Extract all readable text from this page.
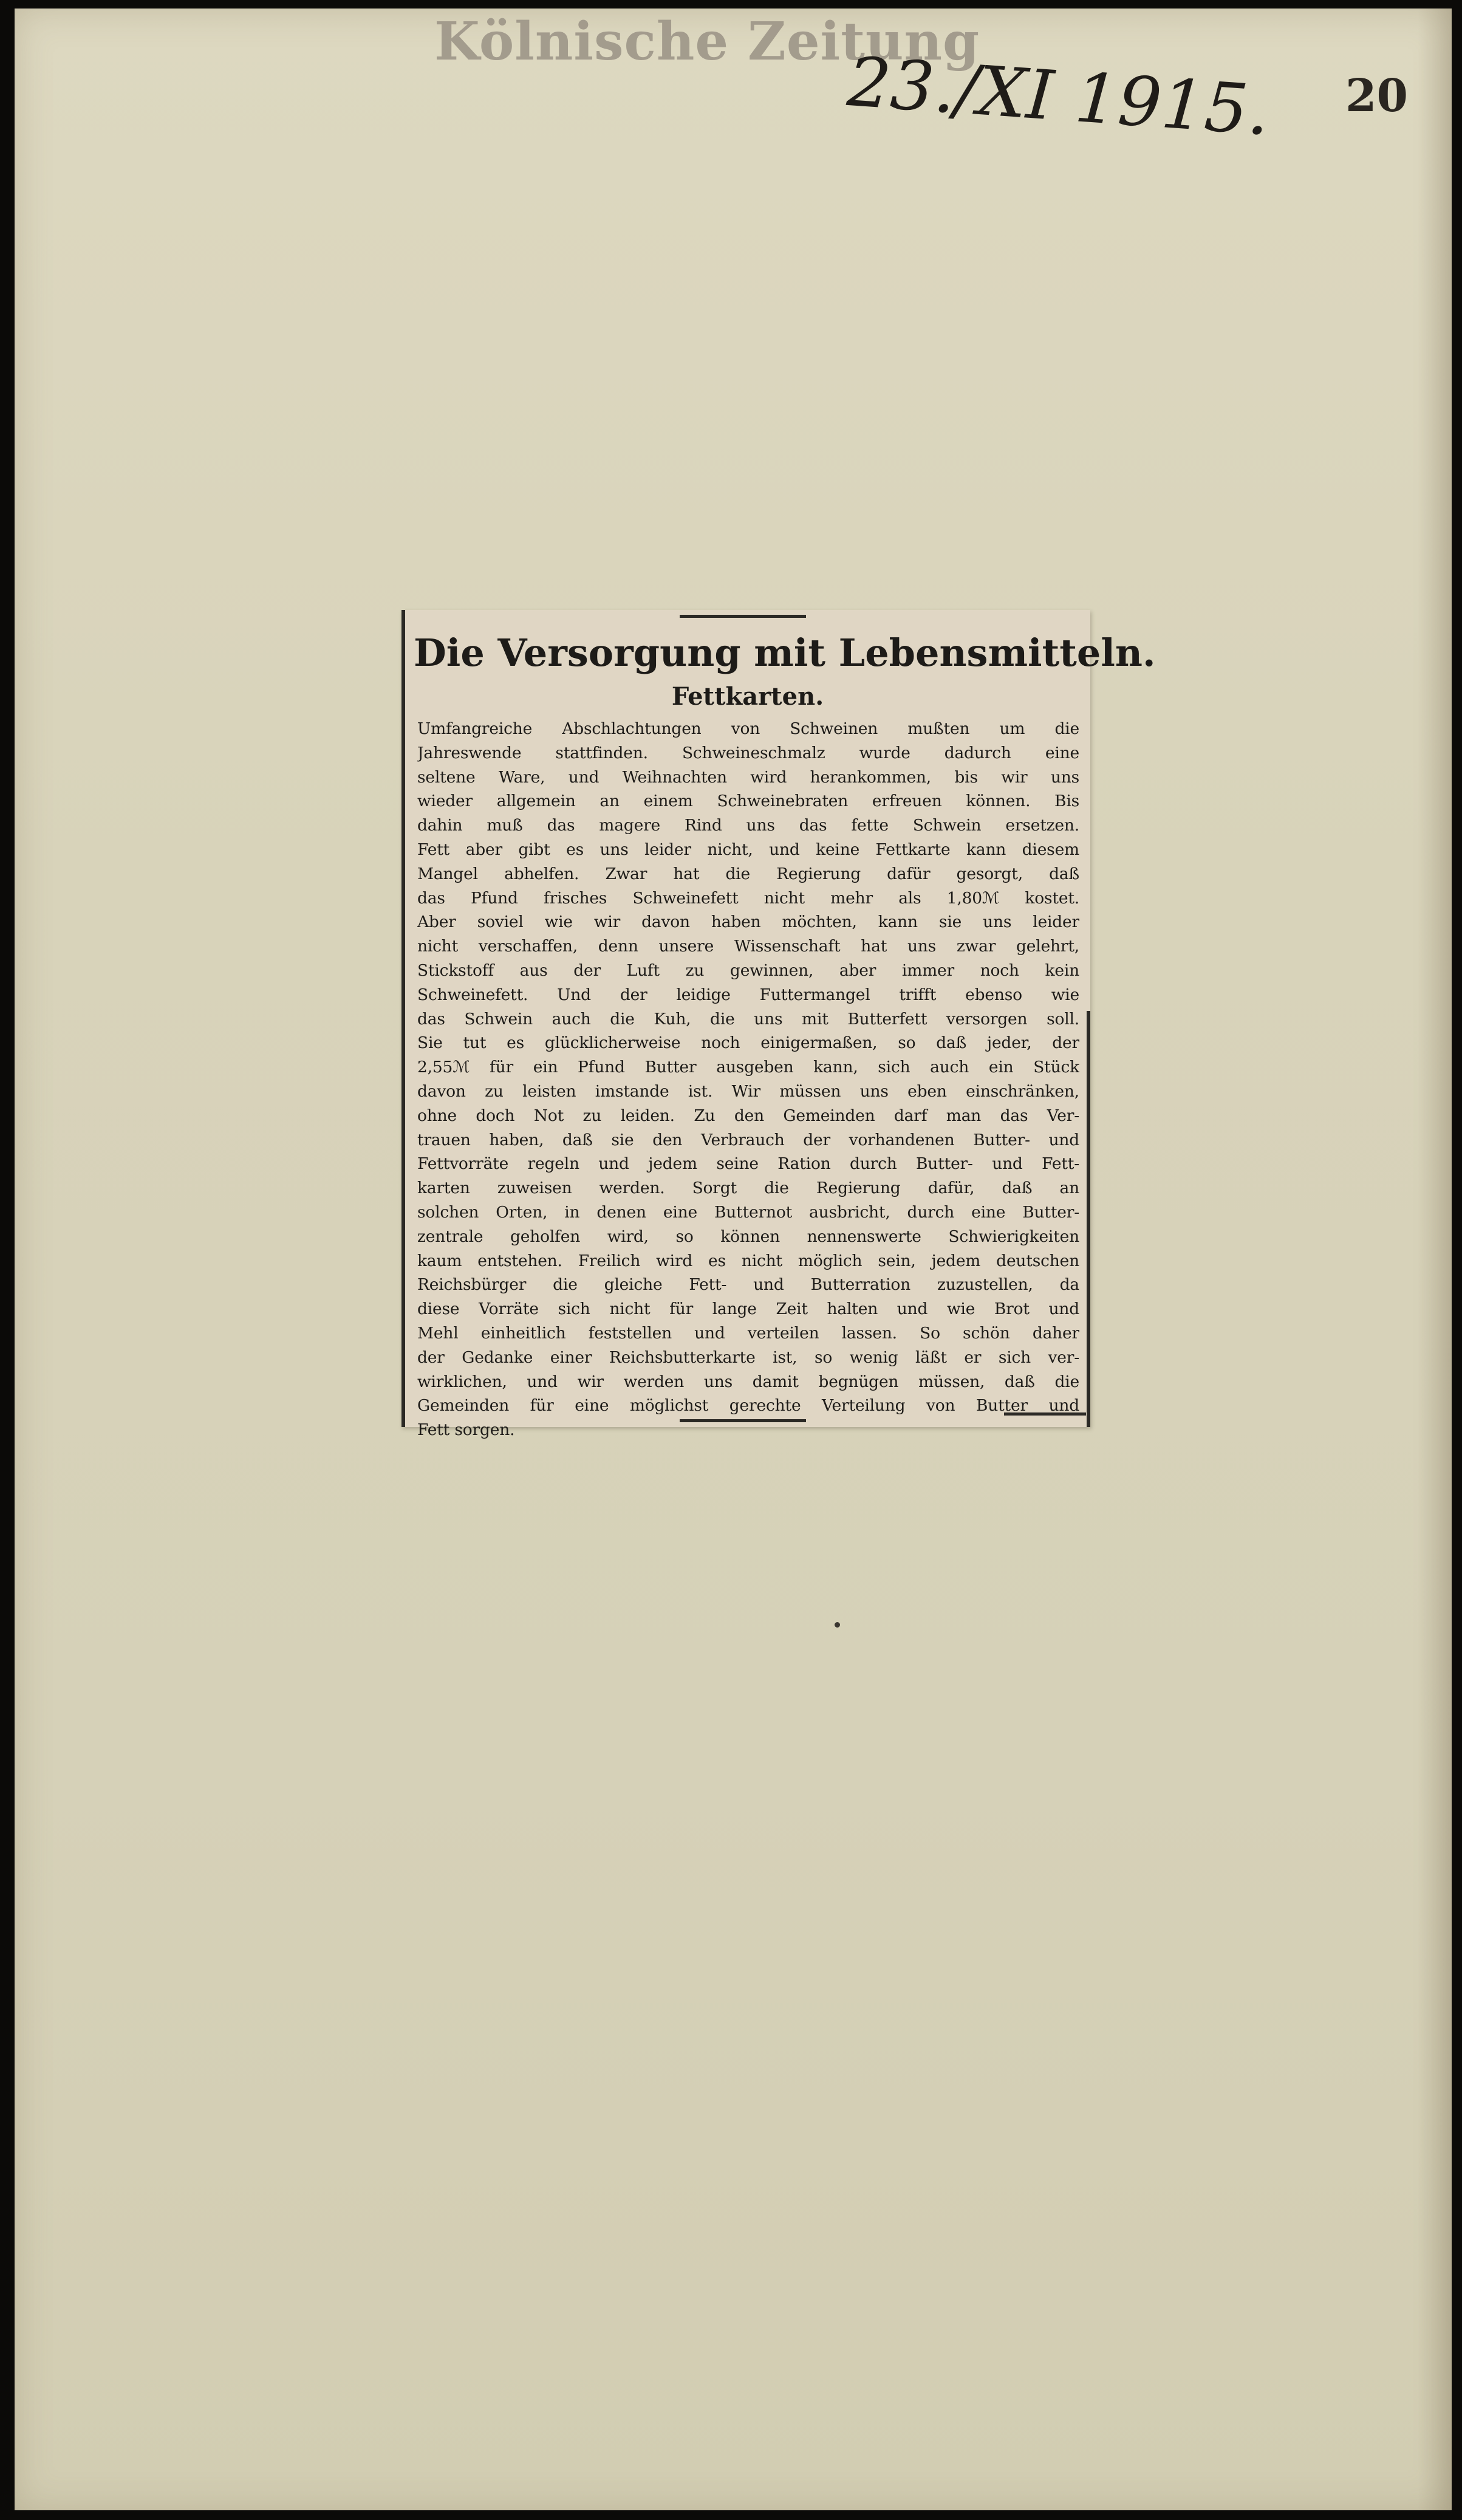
Kölnische Zeitung
23./XI 1915. 20
Die Versorgung mit Lebensmitteln.
Fettkarten.
Umfangreiche Abschlachtungen von Schweinen mußten um die
Jahreswende stattfinden. Schweineschmalz wurde dadurch eine
seltene Ware, und Weihnachten wird herankommen, bis wir uns
wieder allgemein an einem Schweinebraten erfreuen können. Bis
dahin muß das magere Rind uns das fette Schwein ersetzen.
Fett aber gibt es uns leider nicht, und keine Fettkarte kann diesem
Mangel abhelfen. Zwar hat die Regierung dafür gesorgt, daß
das Pfund frisches Schweinefett nicht mehr als 1,80ℳ kostet.
Aber soviel wie wir davon haben möchten, kann sie uns leider
nicht verschaffen, denn unsere Wissenschaft hat uns zwar gelehrt,
Stickstoff aus der Luft zu gewinnen, aber immer noch kein
Schweinefett. Und der leidige Futtermangel trifft ebenso wie
das Schwein auch die Kuh, die uns mit Butterfett versorgen soll.
Sie tut es glücklicherweise noch einigermaßen, so daß jeder, der
2,55ℳ für ein Pfund Butter ausgeben kann, sich auch ein Stück
davon zu leisten imstande ist. Wir müssen uns eben einschränken,
ohne doch Not zu leiden. Zu den Gemeinden darf man das Ver-
trauen haben, daß sie den Verbrauch der vorhandenen Butter- und
Fettvorräte regeln und jedem seine Ration durch Butter- und Fett-
karten zuweisen werden. Sorgt die Regierung dafür, daß an
solchen Orten, in denen eine Butternot ausbricht, durch eine Butter-
zentrale geholfen wird, so können nennenswerte Schwierigkeiten
kaum entstehen. Freilich wird es nicht möglich sein, jedem deutschen
Reichsbürger die gleiche Fett- und Butterration zuzustellen, da
diese Vorräte sich nicht für lange Zeit halten und wie Brot und
Mehl einheitlich feststellen und verteilen lassen. So schön daher
der Gedanke einer Reichsbutterkarte ist, so wenig läßt er sich ver-
wirklichen, und wir werden uns damit begnügen müssen, daß die
Gemeinden für eine möglichst gerechte Verteilung von Butter und
Fett sorgen.
